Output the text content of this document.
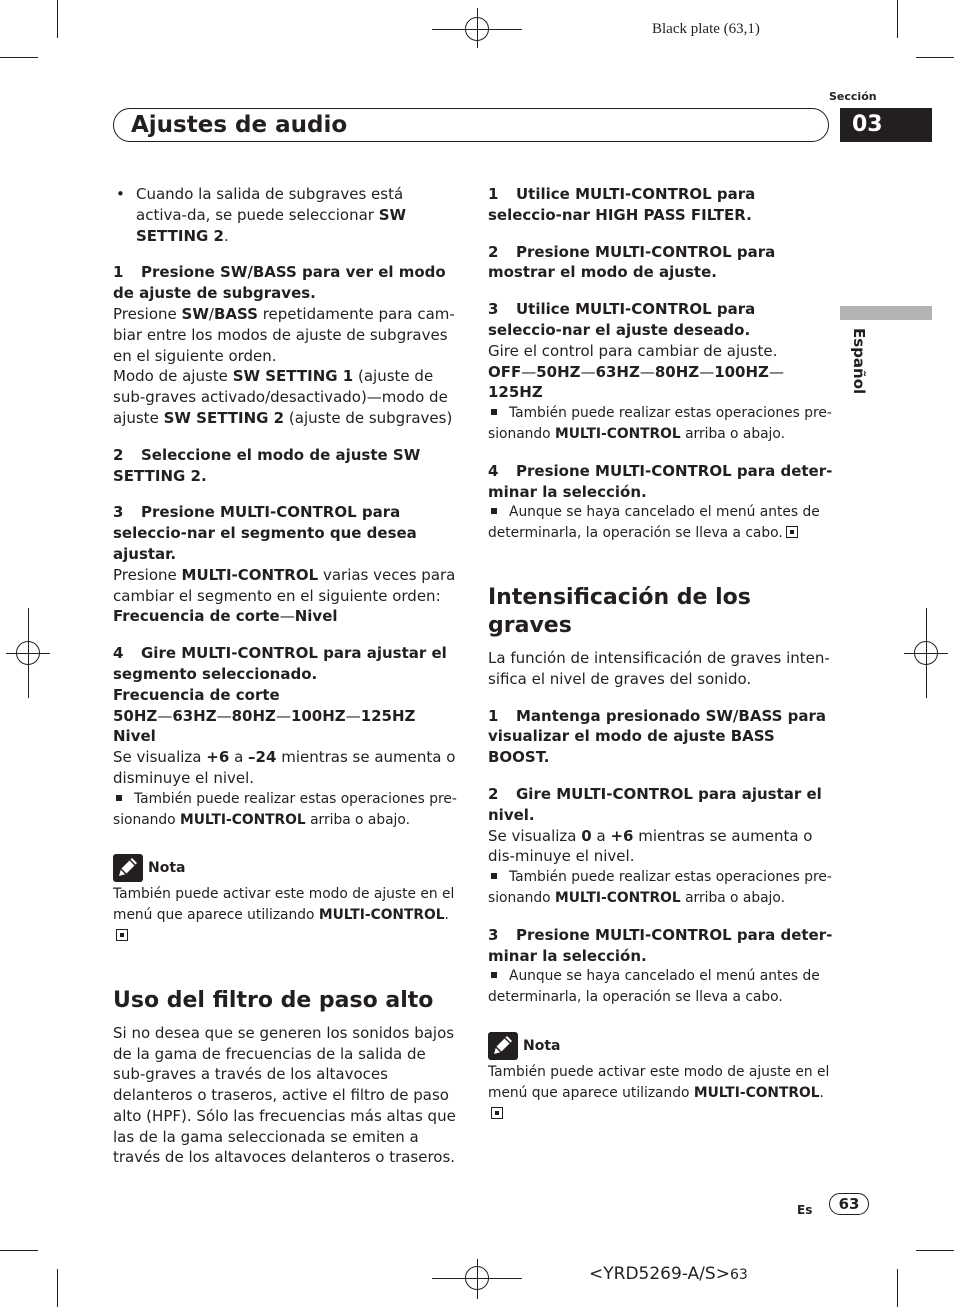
Black plate (63,1)
Sección
Ajustes de audio	03
Español

• Cuando la salida de subgraves está activa-da, se puede seleccionar SW SETTING 2.

1 Presione SW/BASS para ver el modo de ajuste de subgraves.

Presione SW/BASS repetidamente para cam-biar entre los modos de ajuste de subgraves en el siguiente orden.

Modo de ajuste SW SETTING 1 (ajuste de sub-graves activado/desactivado)—modo de ajuste SW SETTING 2 (ajuste de subgraves)

2 Seleccione el modo de ajuste SW SETTING 2.

3 Presione MULTI-CONTROL para seleccio-nar el segmento que desea ajustar.

Presione MULTI-CONTROL varias veces para cambiar el segmento en el siguiente orden:

Frecuencia de corte—Nivel

4 Gire MULTI-CONTROL para ajustar el segmento seleccionado.

Frecuencia de corte

50HZ—63HZ—80HZ—100HZ—125HZ

Nivel

Se visualiza +6 a –24 mientras se aumenta o disminuye el nivel.

También puede realizar estas operaciones pre-sionando MULTI-CONTROL arriba o abajo.

Nota

También puede activar este modo de ajuste en el menú que aparece utilizando MULTI-CONTROL.

Uso del filtro de paso alto

Si no desea que se generen los sonidos bajos de la gama de frecuencias de la salida de sub-graves a través de los altavoces delanteros o traseros, active el filtro de paso alto (HPF). Sólo las frecuencias más altas que las de la gama seleccionada se emiten a través de los altavoces delanteros o traseros.

1 Utilice MULTI-CONTROL para seleccio-nar HIGH PASS FILTER.

2 Presione MULTI-CONTROL para mostrar el modo de ajuste.

3 Utilice MULTI-CONTROL para seleccio-nar el ajuste deseado.

Gire el control para cambiar de ajuste.

OFF—50HZ—63HZ—80HZ—100HZ—125HZ

También puede realizar estas operaciones pre-sionando MULTI-CONTROL arriba o abajo.

4 Presione MULTI-CONTROL para deter-minar la selección.

Aunque se haya cancelado el menú antes de determinarla, la operación se lleva a cabo.

Intensificación de los graves

La función de intensificación de graves inten-sifica el nivel de graves del sonido.

1 Mantenga presionado SW/BASS para visualizar el modo de ajuste BASS BOOST.

2 Gire MULTI-CONTROL para ajustar el nivel.

Se visualiza 0 a +6 mientras se aumenta o dis-minuye el nivel.

También puede realizar estas operaciones pre-sionando MULTI-CONTROL arriba o abajo.

3 Presione MULTI-CONTROL para deter-minar la selección.

Aunque se haya cancelado el menú antes de determinarla, la operación se lleva a cabo.

Nota

También puede activar este modo de ajuste en el menú que aparece utilizando MULTI-CONTROL.

Es	63
<YRD5269-A/S>63
